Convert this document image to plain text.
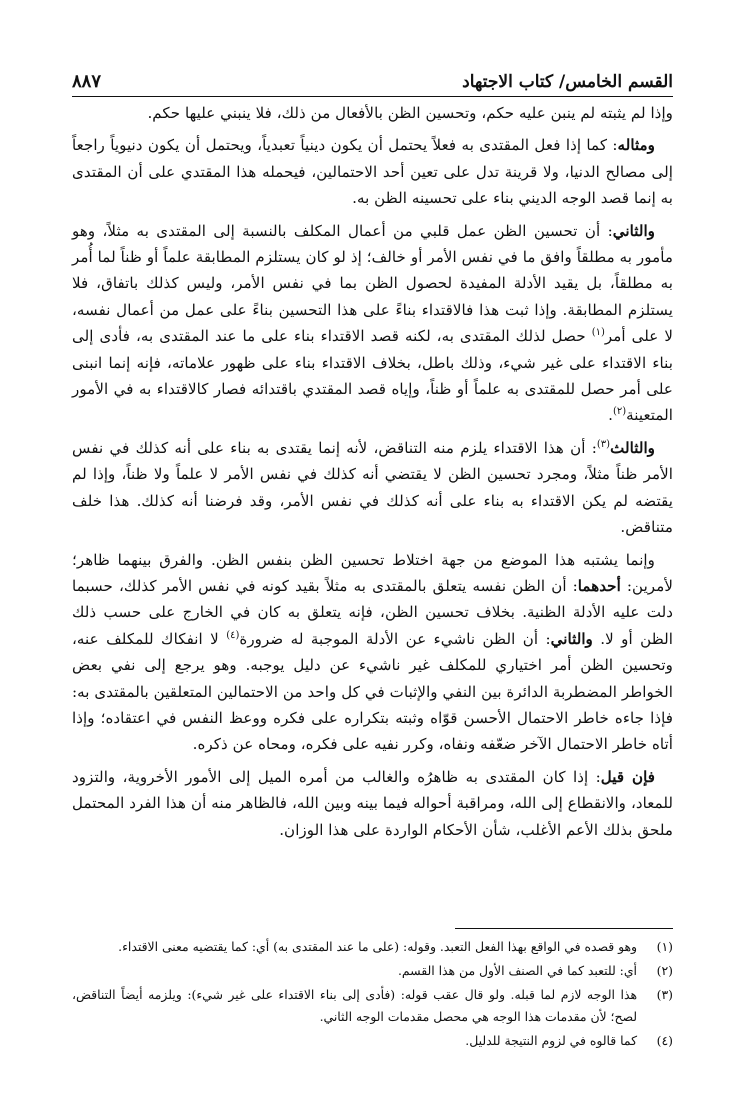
القسم الخامس/ كتاب الاجتهاد
٨٨٧

وإذا لم يثبته لم ينبن عليه حكم، وتحسين الظن بالأفعال من ذلك، فلا ينبني عليها حكم.

ومثاله: كما إذا فعل المقتدى به فعلاً يحتمل أن يكون دينياً تعبدياً، ويحتمل أن يكون دنيوياً راجعاً إلى مصالح الدنيا، ولا قرينة تدل على تعين أحد الاحتمالين، فيحمله هذا المقتدي على أن المقتدى به إنما قصد الوجه الديني بناء على تحسينه الظن به.

والثاني: أن تحسين الظن عمل قلبي من أعمال المكلف بالنسبة إلى المقتدى به مثلاً، وهو مأمور به مطلقاً وافق ما في نفس الأمر أو خالف؛ إذ لو كان يستلزم المطابقة علماً أو ظناً لما أُمر به مطلقاً، بل يقيد الأدلة المفيدة لحصول الظن بما في نفس الأمر، وليس كذلك باتفاق، فلا يستلزم المطابقة. وإذا ثبت هذا فالاقتداء بناءً على هذا التحسين بناءً على عمل من أعمال نفسه، لا على أمر$^{(١)}$ حصل لذلك المقتدى به، لكنه قصد الاقتداء بناء على ما عند المقتدى به، فأدى إلى بناء الاقتداء على غير شيء، وذلك باطل، بخلاف الاقتداء بناء على ظهور علاماته، فإنه إنما انبنى على أمر حصل للمقتدى به علماً أو ظناً، وإياه قصد المقتدي باقتدائه فصار كالاقتداء به في الأمور المتعينة$^{(٢)}$.

والثالث$^{(٣)}$: أن هذا الاقتداء يلزم منه التناقض، لأنه إنما يقتدى به بناء على أنه كذلك في نفس الأمر ظناً مثلاً، ومجرد تحسين الظن لا يقتضي أنه كذلك في نفس الأمر لا علماً ولا ظناً، وإذا لم يقتضه لم يكن الاقتداء به بناء على أنه كذلك في نفس الأمر، وقد فرضنا أنه كذلك. هذا خلف متناقض.

وإنما يشتبه هذا الموضع من جهة اختلاط تحسين الظن بنفس الظن. والفرق بينهما ظاهر؛ لأمرين: أحدهما: أن الظن نفسه يتعلق بالمقتدى به مثلاً بقيد كونه في نفس الأمر كذلك، حسبما دلت عليه الأدلة الظنية. بخلاف تحسين الظن، فإنه يتعلق به كان في الخارج على حسب ذلك الظن أو لا. والثاني: أن الظن ناشيء عن الأدلة الموجبة له ضرورة$^{(٤)}$ لا انفكاك للمكلف عنه، وتحسين الظن أمر اختياري للمكلف غير ناشيء عن دليل يوجبه. وهو يرجع إلى نفي بعض الخواطر المضطربة الدائرة بين النفي والإثبات في كل واحد من الاحتمالين المتعلقين بالمقتدى به: فإذا جاءه خاطر الاحتمال الأحسن قوّاه وثبته بتكراره على فكره ووعظ النفس في اعتقاده؛ وإذا أتاه خاطر الاحتمال الآخر ضعّفه ونفاه، وكرر نفيه على فكره، ومحاه عن ذكره.

فإن قيل: إذا كان المقتدى به ظاهرُه والغالب من أمره الميل إلى الأمور الأخروية، والتزود للمعاد، والانقطاع إلى الله، ومراقبة أحواله فيما بينه وبين الله، فالظاهر منه أن هذا الفرد المحتمل ملحق بذلك الأعم الأغلب، شأن الأحكام الواردة على هذا الوزان.

(١)
وهو قصده في الواقع بهذا الفعل التعبد. وقوله: (على ما عند المقتدى به) أي: كما يقتضيه معنى الاقتداء.
(٢)
أي: للتعبد كما في الصنف الأول من هذا القسم.
(٣)
هذا الوجه لازم لما قبله. ولو قال عقب قوله: (فأدى إلى بناء الاقتداء على غير شيء): ويلزمه أيضاً التناقض، لصح؛ لأن مقدمات هذا الوجه هي محصل مقدمات الوجه الثاني.
(٤)
كما قالوه في لزوم النتيجة للدليل.
